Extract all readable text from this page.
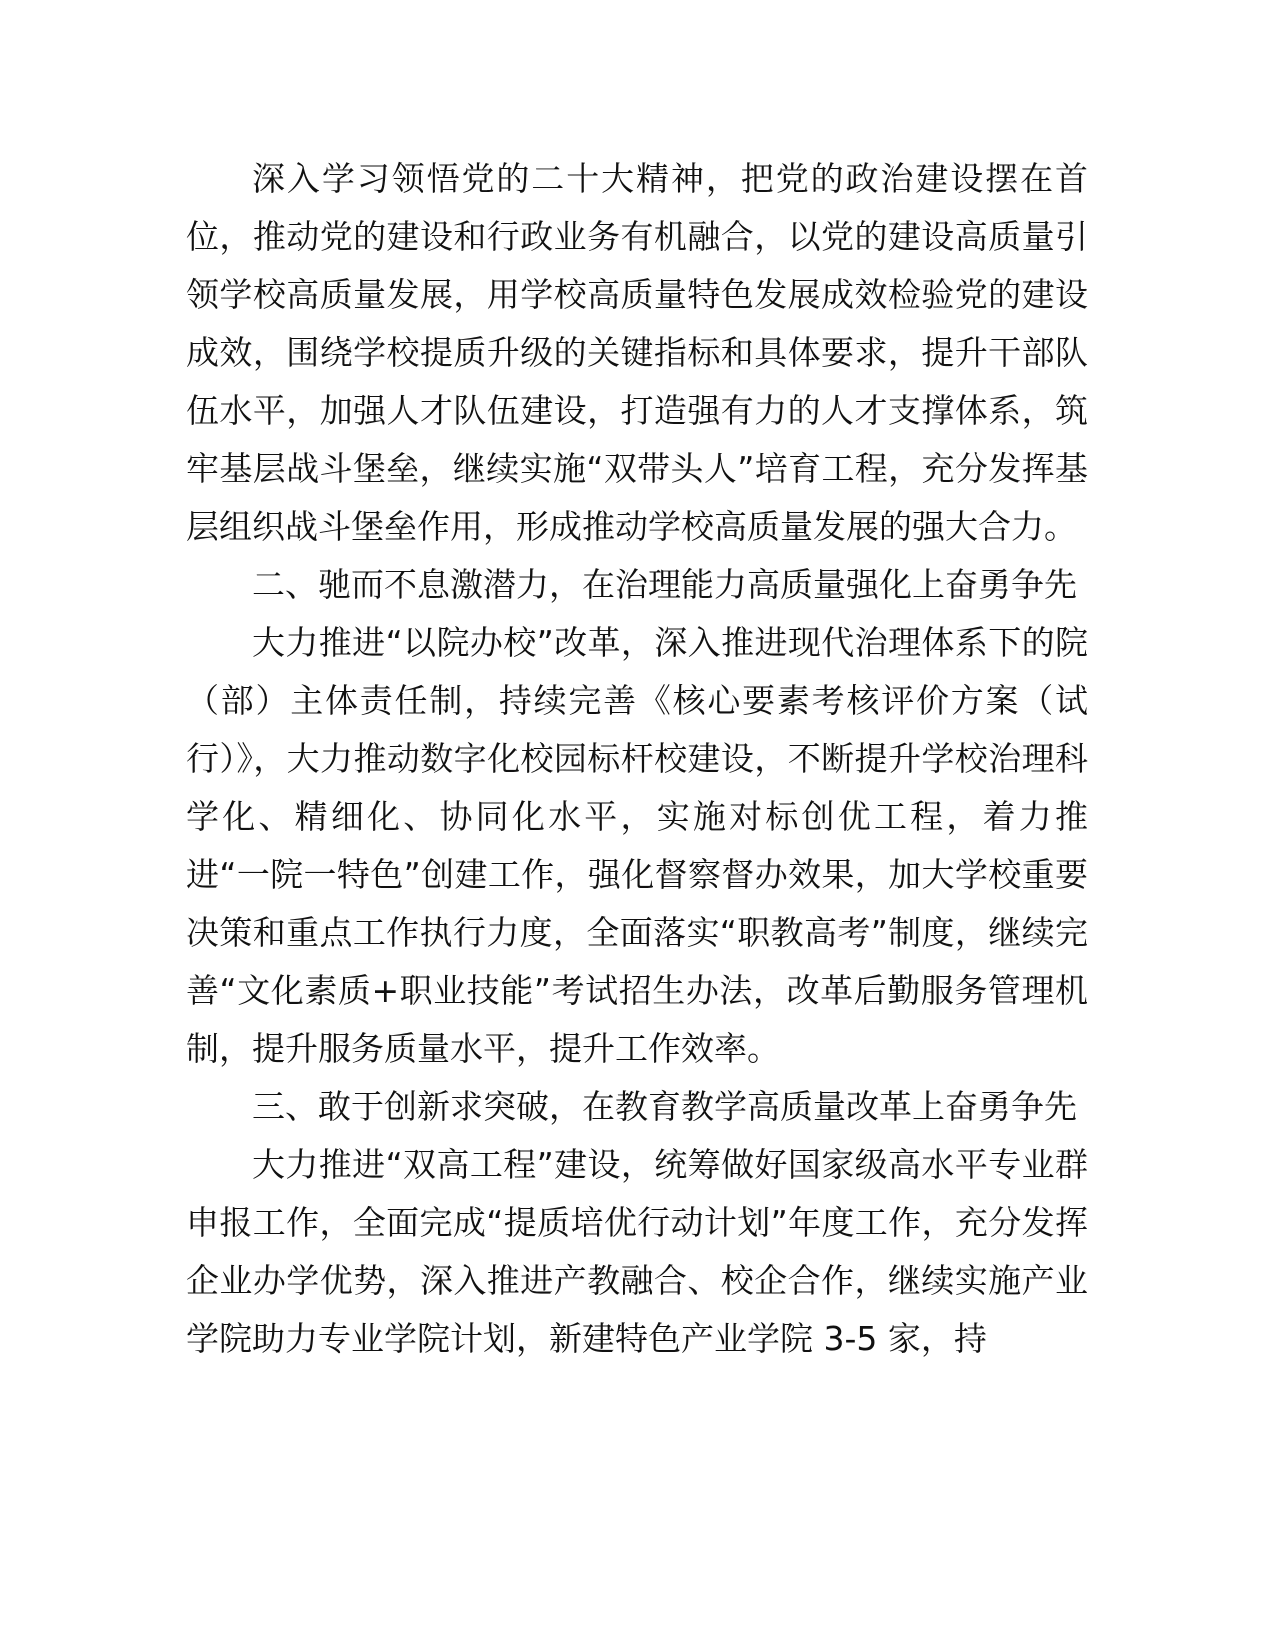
深入学习领悟党的二十大精神，把党的政治建设摆在首位，推动党的建设和行政业务有机融合，以党的建设高质量引领学校高质量发展，用学校高质量特色发展成效检验党的建设成效，围绕学校提质升级的关键指标和具体要求，提升干部队伍水平，加强人才队伍建设，打造强有力的人才支撑体系，筑牢基层战斗堡垒，继续实施“双带头人”培育工程，充分发挥基层组织战斗堡垒作用，形成推动学校高质量发展的强大合力。

二、驰而不息激潜力，在治理能力高质量强化上奋勇争先

大力推进“以院办校”改革，深入推进现代治理体系下的院（部）主体责任制，持续完善《核心要素考核评价方案（试行）》，大力推动数字化校园标杆校建设，不断提升学校治理科学化、精细化、协同化水平，实施对标创优工程，着力推进“一院一特色”创建工作，强化督察督办效果，加大学校重要决策和重点工作执行力度，全面落实“职教高考”制度，继续完善“文化素质+职业技能”考试招生办法，改革后勤服务管理机制，提升服务质量水平，提升工作效率。

三、敢于创新求突破，在教育教学高质量改革上奋勇争先

大力推进“双高工程”建设，统筹做好国家级高水平专业群申报工作，全面完成“提质培优行动计划”年度工作，充分发挥企业办学优势，深入推进产教融合、校企合作，继续实施产业学院助力专业学院计划，新建特色产业学院 3-5 家，持
